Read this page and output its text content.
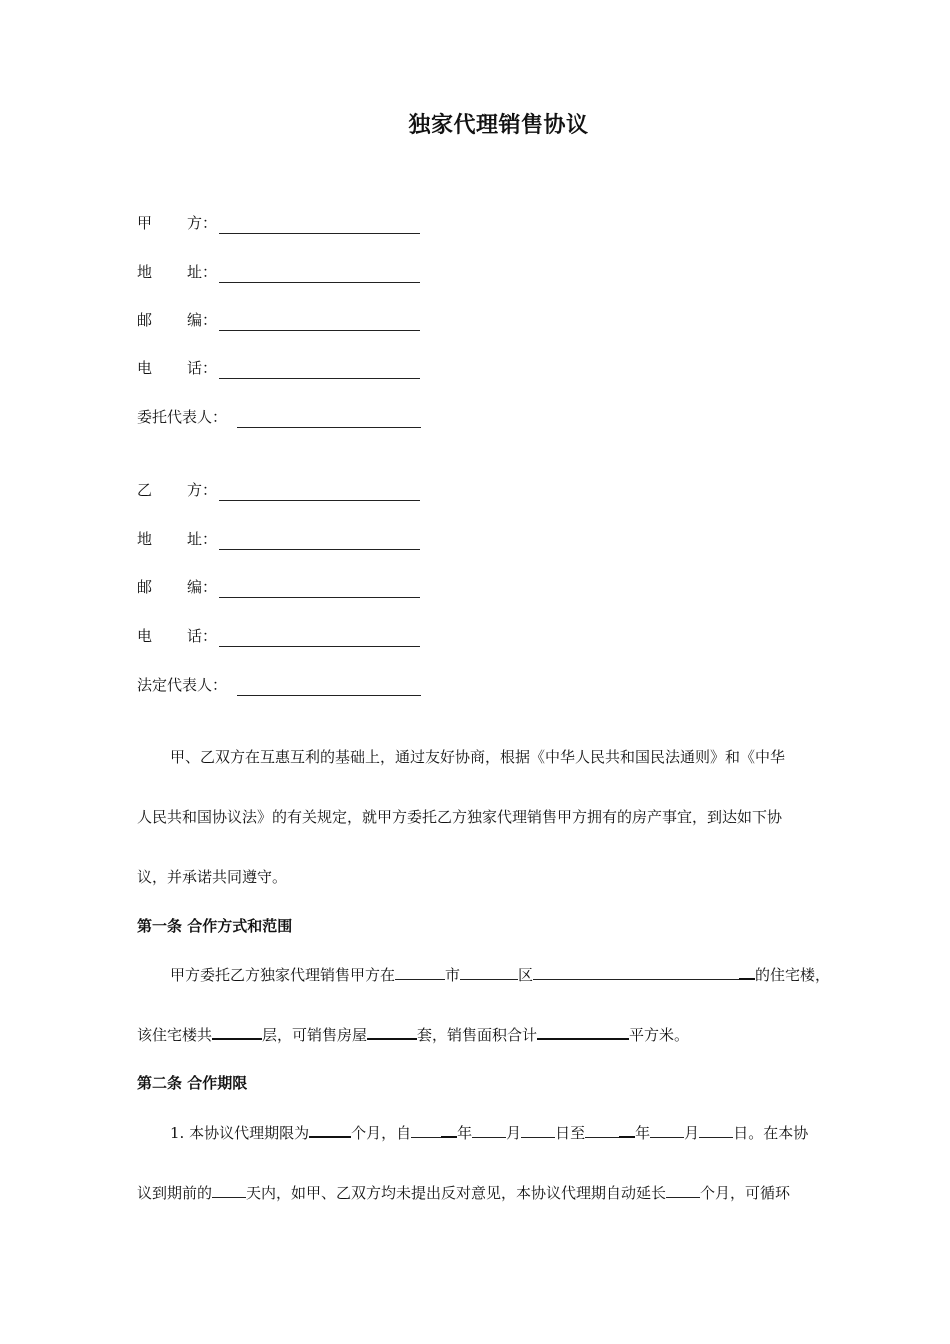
独家代理销售协议
甲 方：
地 址：
邮 编：
电 话：
委托代表人：
乙 方：
地 址：
邮 编：
电 话：
法定代表人：
甲、乙双方在互惠互利的基础上，通过友好协商，根据《中华人民共和国民法通则》和《中华
人民共和国协议法》的有关规定，就甲方委托乙方独家代理销售甲方拥有的房产事宜，到达如下协
议，并承诺共同遵守。
第一条 合作方式和范围
甲方委托乙方独家代理销售甲方在	市	区	的住宅楼，
该住宅楼共	层，可销售房屋	套，销售面积合计	平方米。
第二条 合作期限
1. 本协议代理期限为	个月，自	年 月 日至	年 月 日。在本协
议到期前的 天内，如甲、乙双方均未提出反对意见，本协议代理期自动延长 个月，可循环
